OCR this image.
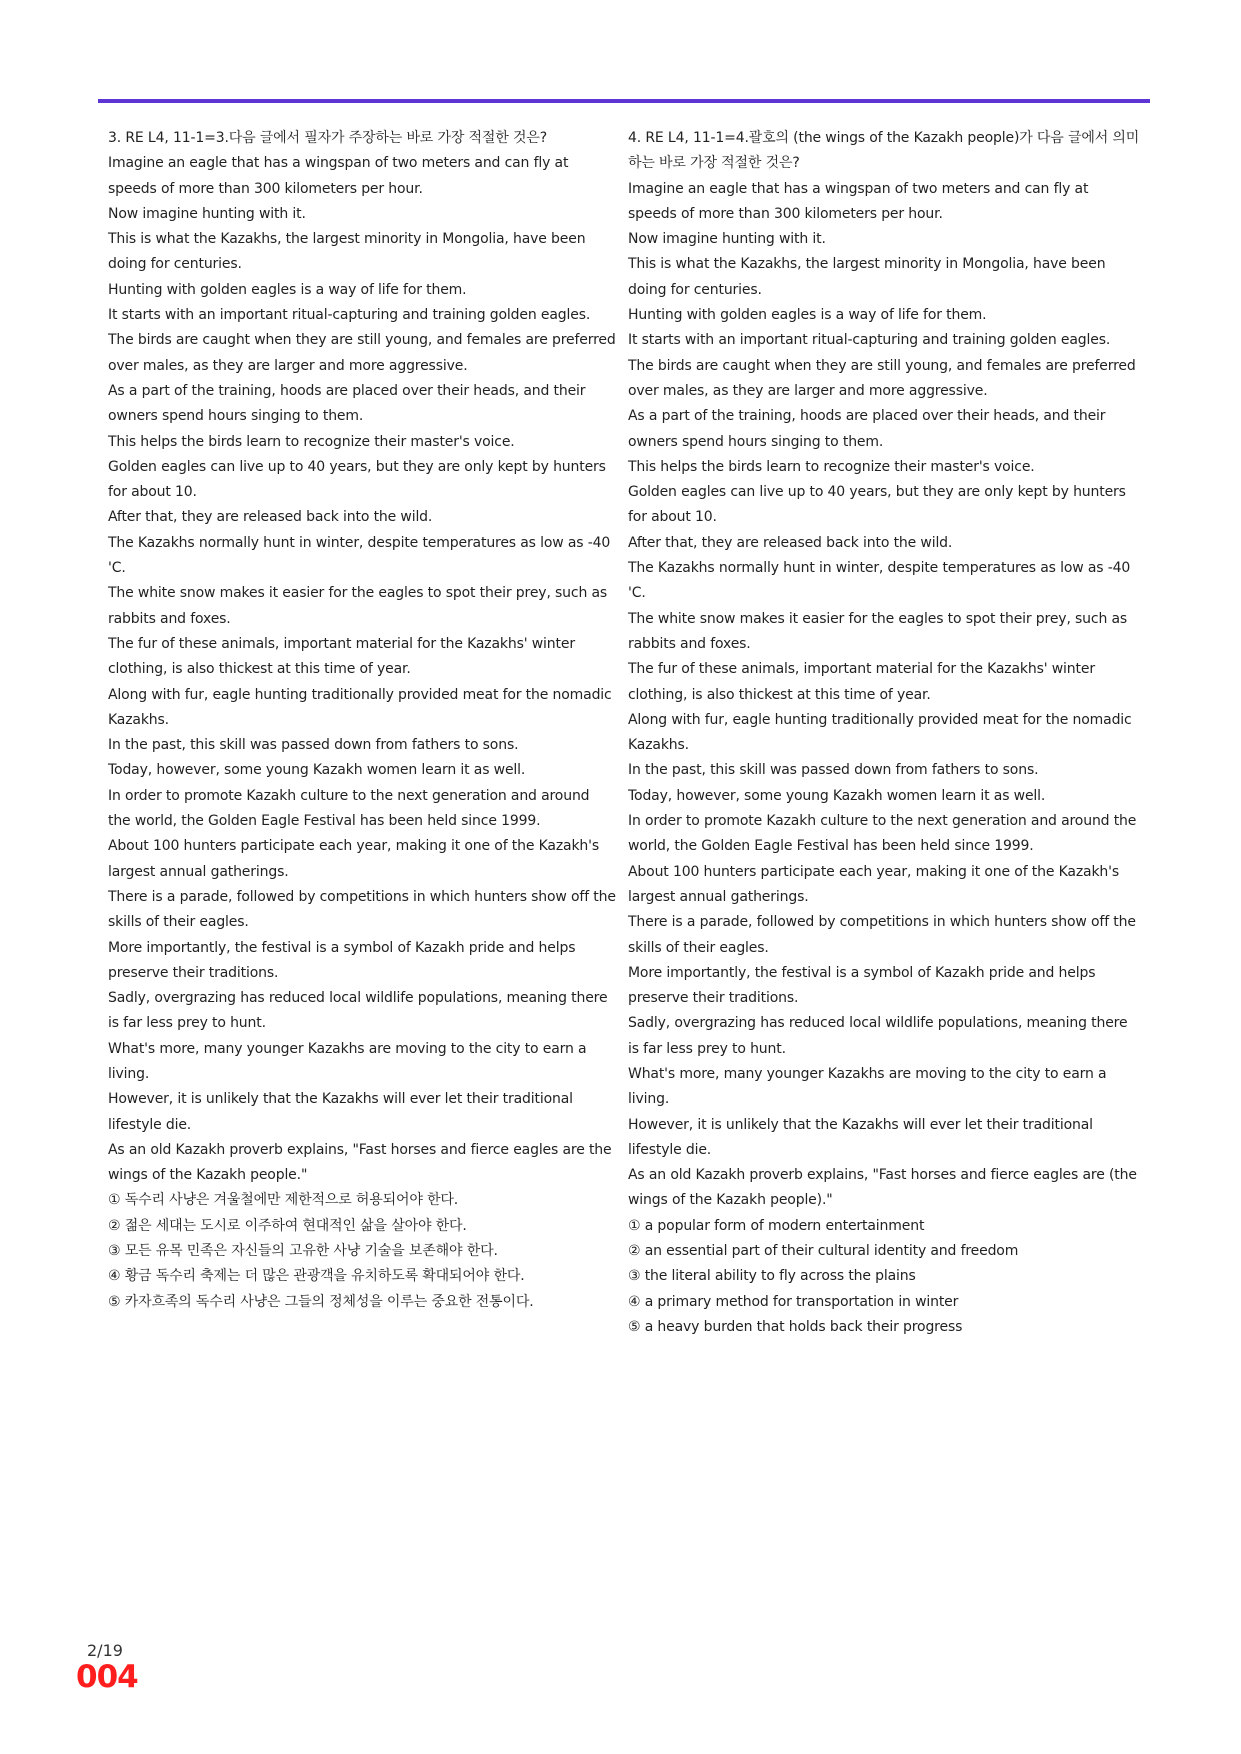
3. RE L4, 11-1=3.다음 글에서 필자가 주장하는 바로 가장 적절한 것은?

Imagine an eagle that has a wingspan of two meters and can fly at speeds of more than 300 kilometers per hour.

Now imagine hunting with it.

This is what the Kazakhs, the largest minority in Mongolia, have been doing for centuries.

Hunting with golden eagles is a way of life for them.

It starts with an important ritual-capturing and training golden eagles.

The birds are caught when they are still young, and females are preferred over males, as they are larger and more aggressive.

As a part of the training, hoods are placed over their heads, and their owners spend hours singing to them.

This helps the birds learn to recognize their master's voice.

Golden eagles can live up to 40 years, but they are only kept by hunters for about 10.

After that, they are released back into the wild.

The Kazakhs normally hunt in winter, despite temperatures as low as -40 'C.

The white snow makes it easier for the eagles to spot their prey, such as rabbits and foxes.

The fur of these animals, important material for the Kazakhs' winter clothing, is also thickest at this time of year.

Along with fur, eagle hunting traditionally provided meat for the nomadic Kazakhs.

In the past, this skill was passed down from fathers to sons.

Today, however, some young Kazakh women learn it as well.

In order to promote Kazakh culture to the next generation and around the world, the Golden Eagle Festival has been held since 1999.

About 100 hunters participate each year, making it one of the Kazakh's largest annual gatherings.

There is a parade, followed by competitions in which hunters show off the skills of their eagles.

More importantly, the festival is a symbol of Kazakh pride and helps preserve their traditions.

Sadly, overgrazing has reduced local wildlife populations, meaning there is far less prey to hunt.

What's more, many younger Kazakhs are moving to the city to earn a living.

However, it is unlikely that the Kazakhs will ever let their traditional lifestyle die.

As an old Kazakh proverb explains, "Fast horses and fierce eagles are the wings of the Kazakh people."

① 독수리 사냥은 겨울철에만 제한적으로 허용되어야 한다.
② 젊은 세대는 도시로 이주하여 현대적인 삶을 살아야 한다.
③ 모든 유목 민족은 자신들의 고유한 사냥 기술을 보존해야 한다.
④ 황금 독수리 축제는 더 많은 관광객을 유치하도록 확대되어야 한다.
⑤ 카자흐족의 독수리 사냥은 그들의 정체성을 이루는 중요한 전통이다.

4. RE L4, 11-1=4.괄호의 (the wings of the Kazakh people)가 다음 글에서 의미하는 바로 가장 적절한 것은?

Imagine an eagle that has a wingspan of two meters and can fly at speeds of more than 300 kilometers per hour.

Now imagine hunting with it.

This is what the Kazakhs, the largest minority in Mongolia, have been doing for centuries.

Hunting with golden eagles is a way of life for them.

It starts with an important ritual-capturing and training golden eagles.

The birds are caught when they are still young, and females are preferred over males, as they are larger and more aggressive.

As a part of the training, hoods are placed over their heads, and their owners spend hours singing to them.

This helps the birds learn to recognize their master's voice.

Golden eagles can live up to 40 years, but they are only kept by hunters for about 10.

After that, they are released back into the wild.

The Kazakhs normally hunt in winter, despite temperatures as low as -40 'C.

The white snow makes it easier for the eagles to spot their prey, such as rabbits and foxes.

The fur of these animals, important material for the Kazakhs' winter clothing, is also thickest at this time of year.

Along with fur, eagle hunting traditionally provided meat for the nomadic Kazakhs.

In the past, this skill was passed down from fathers to sons.

Today, however, some young Kazakh women learn it as well.

In order to promote Kazakh culture to the next generation and around the world, the Golden Eagle Festival has been held since 1999.

About 100 hunters participate each year, making it one of the Kazakh's largest annual gatherings.

There is a parade, followed by competitions in which hunters show off the skills of their eagles.

More importantly, the festival is a symbol of Kazakh pride and helps preserve their traditions.

Sadly, overgrazing has reduced local wildlife populations, meaning there is far less prey to hunt.

What's more, many younger Kazakhs are moving to the city to earn a living.

However, it is unlikely that the Kazakhs will ever let their traditional lifestyle die.

As an old Kazakh proverb explains, "Fast horses and fierce eagles are (the wings of the Kazakh people)."

① a popular form of modern entertainment
② an essential part of their cultural identity and freedom
③ the literal ability to fly across the plains
④ a primary method for transportation in winter
⑤ a heavy burden that holds back their progress
2/19
004
